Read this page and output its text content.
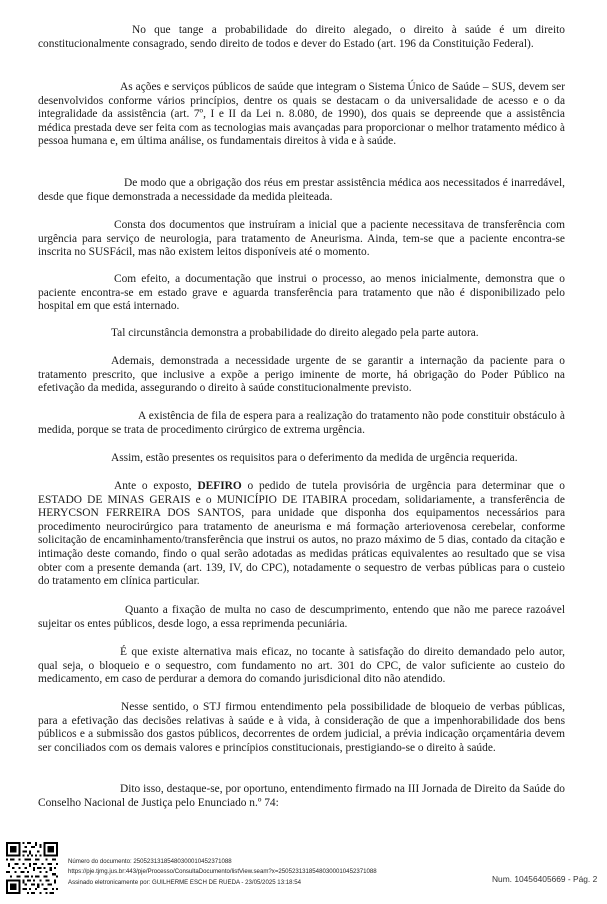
No que tange a probabilidade do direito alegado, o direito à saúde é um direito constitucionalmente consagrado, sendo direito de todos e dever do Estado (art. 196 da Constituição Federal).

As ações e serviços públicos de saúde que integram o Sistema Único de Saúde – SUS, devem ser desenvolvidos conforme vários princípios, dentre os quais se destacam o da universalidade de acesso e o da integralidade da assistência (art. 7º, I e II da Lei n. 8.080, de 1990), dos quais se depreende que a assistência médica prestada deve ser feita com as tecnologias mais avançadas para proporcionar o melhor tratamento médico à pessoa humana e, em última análise, os fundamentais direitos à vida e à saúde.

De modo que a obrigação dos réus em prestar assistência médica aos necessitados é inarredável, desde que fique demonstrada a necessidade da medida pleiteada.

Consta dos documentos que instruíram a inicial que a paciente necessitava de transferência com urgência para serviço de neurologia, para tratamento de Aneurisma. Ainda, tem-se que a paciente encontra-se inscrita no SUSFácil, mas não existem leitos disponíveis até o momento.

Com efeito, a documentação que instrui o processo, ao menos inicialmente, demonstra que o paciente encontra-se em estado grave e aguarda transferência para tratamento que não é disponibilizado pelo hospital em que está internado.

Tal circunstância demonstra a probabilidade do direito alegado pela parte autora.

Ademais, demonstrada a necessidade urgente de se garantir a internação da paciente para o tratamento prescrito, que inclusive a expõe a perigo iminente de morte, há obrigação do Poder Público na efetivação da medida, assegurando o direito à saúde constitucionalmente previsto.

A existência de fila de espera para a realização do tratamento não pode constituir obstáculo à medida, porque se trata de procedimento cirúrgico de extrema urgência.

Assim, estão presentes os requisitos para o deferimento da medida de urgência requerida.

Ante o exposto, DEFIRO o pedido de tutela provisória de urgência para determinar que o ESTADO DE MINAS GERAIS e o MUNICÍPIO DE ITABIRA procedam, solidariamente, a transferência de HERYCSON FERREIRA DOS SANTOS, para unidade que disponha dos equipamentos necessários para procedimento neurocirúrgico para tratamento de aneurisma e má formação arteriovenosa cerebelar, conforme solicitação de encaminhamento/transferência que instrui os autos, no prazo máximo de 5 dias, contado da citação e intimação deste comando, findo o qual serão adotadas as medidas práticas equivalentes ao resultado que se visa obter com a presente demanda (art. 139, IV, do CPC), notadamente o sequestro de verbas públicas para o custeio do tratamento em clínica particular.

Quanto a fixação de multa no caso de descumprimento, entendo que não me parece razoável sujeitar os entes públicos, desde logo, a essa reprimenda pecuniária.

É que existe alternativa mais eficaz, no tocante à satisfação do direito demandado pelo autor, qual seja, o bloqueio e o sequestro, com fundamento no art. 301 do CPC, de valor suficiente ao custeio do medicamento, em caso de perdurar a demora do comando jurisdicional dito não atendido.

Nesse sentido, o STJ firmou entendimento pela possibilidade de bloqueio de verbas públicas, para a efetivação das decisões relativas à saúde e à vida, à consideração de que a impenhorabilidade dos bens públicos e a submissão dos gastos públicos, decorrentes de ordem judicial, a prévia indicação orçamentária devem ser conciliados com os demais valores e princípios constitucionais, prestigiando-se o direito à saúde.

Dito isso, destaque-se, por oportuno, entendimento firmado na III Jornada de Direito da Saúde do Conselho Nacional de Justiça pelo Enunciado n.º 74:

Número do documento: 25052313185480300010452371088
https://pje.tjmg.jus.br:443/pje/Processo/ConsultaDocumento/listView.seam?x=25052313185480300010452371088
Assinado eletronicamente por: GUILHERME ESCH DE RUEDA - 23/05/2025 13:18:54	Num. 10456405669 - Pág. 2
